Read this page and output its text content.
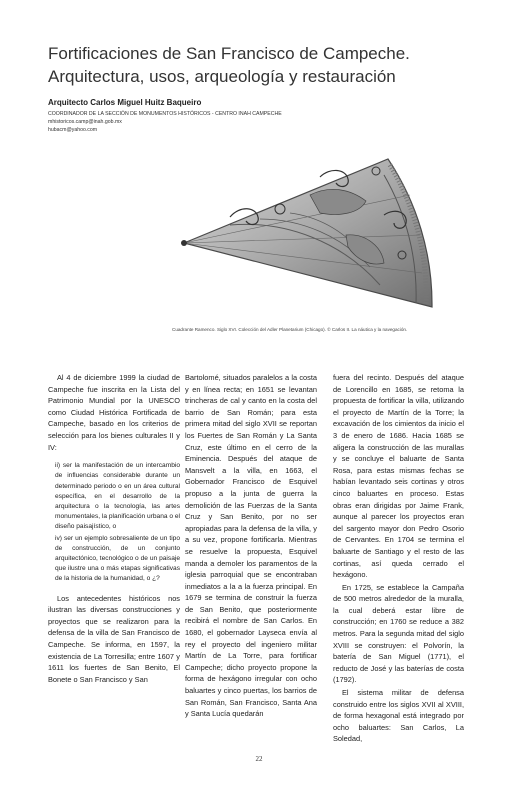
Fortificaciones de San Francisco de Campeche. Arquitectura, usos, arqueología y restauración
Arquitecto Carlos Miguel Huitz Baqueiro
COORDINADOR DE LA SECCIÓN DE MONUMENTOS HISTÓRICOS - CENTRO INAH CAMPECHE
mhistoricos.camp@inah.gob.mx
hubacm@yahoo.com
Cuadrante Ramenco. Siglo XVI. Colección del Adler Planetarium (Chicago). © Carlos II. La náutica y la navegación.

Al 4 de diciembre 1999 la ciudad de Campeche fue inscrita en la Lista del Patrimonio Mundial por la UNESCO como Ciudad Histórica Fortificada de Campeche, basado en los criterios de selección para los bienes culturales II y IV:

ii) ser la manifestación de un intercambio de influencias considerable durante un determinado periodo o en un área cultural específica, en el desarrollo de la arquitectura o la tecnología, las artes monumentales, la planificación urbana o el diseño paisajístico, o

iv) ser un ejemplo sobresaliente de un tipo de construcción, de un conjunto arquitectónico, tecnológico o de un paisaje que ilustre una o más etapas significativas de la historia de la humanidad, o ¿?

Los antecedentes históricos nos ilustran las diversas construcciones y proyectos que se realizaron para la defensa de la villa de San Francisco de Campeche. Se informa, en 1597, la existencia de La Torresilla; entre 1607 y 1611 los fuertes de San Benito, El Bonete o San Francisco y San

Bartolomé, situados paralelos a la costa y en línea recta; en 1651 se levantan trincheras de cal y canto en la costa del barrio de San Román; para esta primera mitad del siglo XVII se reportan los Fuertes de San Román y La Santa Cruz, este último en el cerro de la Eminencia. Después del ataque de Mansvelt a la villa, en 1663, el Gobernador Francisco de Esquivel propuso a la junta de guerra la demolición de las Fuerzas de la Santa Cruz y San Benito, por no ser apropiadas para la defensa de la villa, y a su vez, propone fortificarla. Mientras se resuelve la propuesta, Esquivel manda a demoler los paramentos de la iglesia parroquial que se encontraban inmediatos a la a la fuerza principal. En 1679 se termina de construir la fuerza de San Benito, que posteriormente recibirá el nombre de San Carlos. En 1680, el gobernador Layseca envía al rey el proyecto del ingeniero militar Martín de La Torre, para fortificar Campeche; dicho proyecto propone la forma de hexágono irregular con ocho baluartes y cinco puertas, los barrios de San Román, San Francisco, Santa Ana y Santa Lucía quedarán

fuera del recinto. Después del ataque de Lorencillo en 1685, se retoma la propuesta de fortificar la villa, utilizando el proyecto de Martín de la Torre; la excavación de los cimientos da inicio el 3 de enero de 1686. Hacia 1685 se aligera la construcción de las murallas y se concluye el baluarte de Santa Rosa, para estas mismas fechas se habían levantado seis cortinas y otros cinco baluartes en proceso. Estas obras eran dirigidas por Jaime Frank, aunque al parecer los proyectos eran del sargento mayor don Pedro Osorio de Cervantes. En 1704 se termina el baluarte de Santiago y el resto de las cortinas, así queda cerrado el hexágono.

En 1725, se establece la Campaña de 500 metros alrededor de la muralla, la cual deberá estar libre de construcción; en 1760 se reduce a 382 metros. Para la segunda mitad del siglo XVIII se construyen: el Polvorín, la batería de San Miguel (1771), el reducto de José y las baterías de costa (1792).

El sistema militar de defensa construido entre los siglos XVII al XVIII, de forma hexagonal está integrado por ocho baluartes: San Carlos, La Soledad,

22
